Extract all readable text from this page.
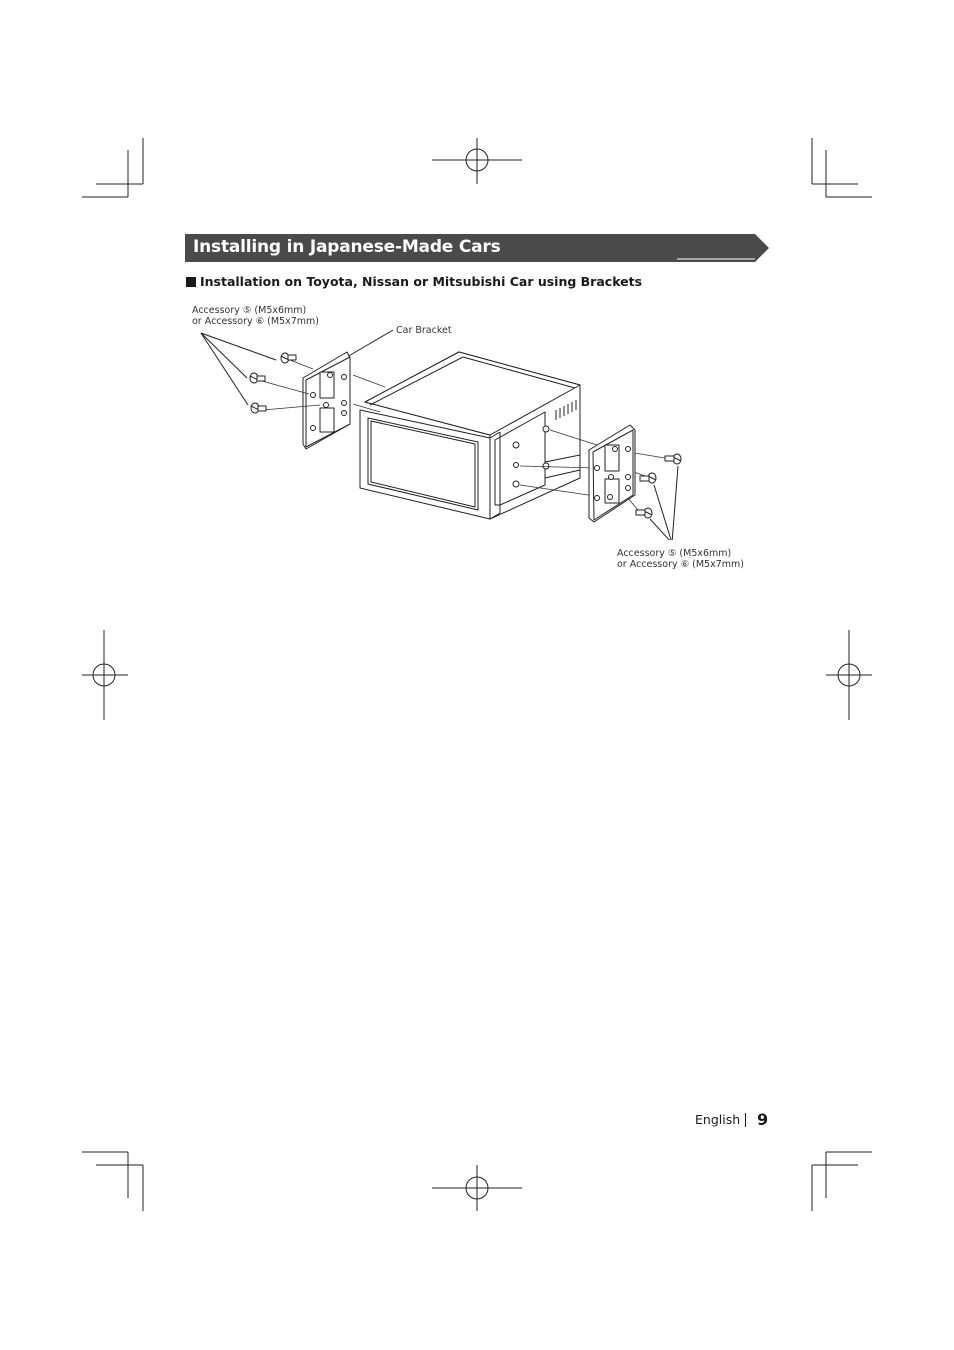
Installing in Japanese-Made Cars
Installation on Toyota, Nissan or Mitsubishi Car using Brackets
Accessory ⑤ (M5x6mm)
or Accessory ⑥ (M5x7mm)
Car Bracket
Accessory ⑤ (M5x6mm)
or Accessory ⑥ (M5x7mm)
English 9
